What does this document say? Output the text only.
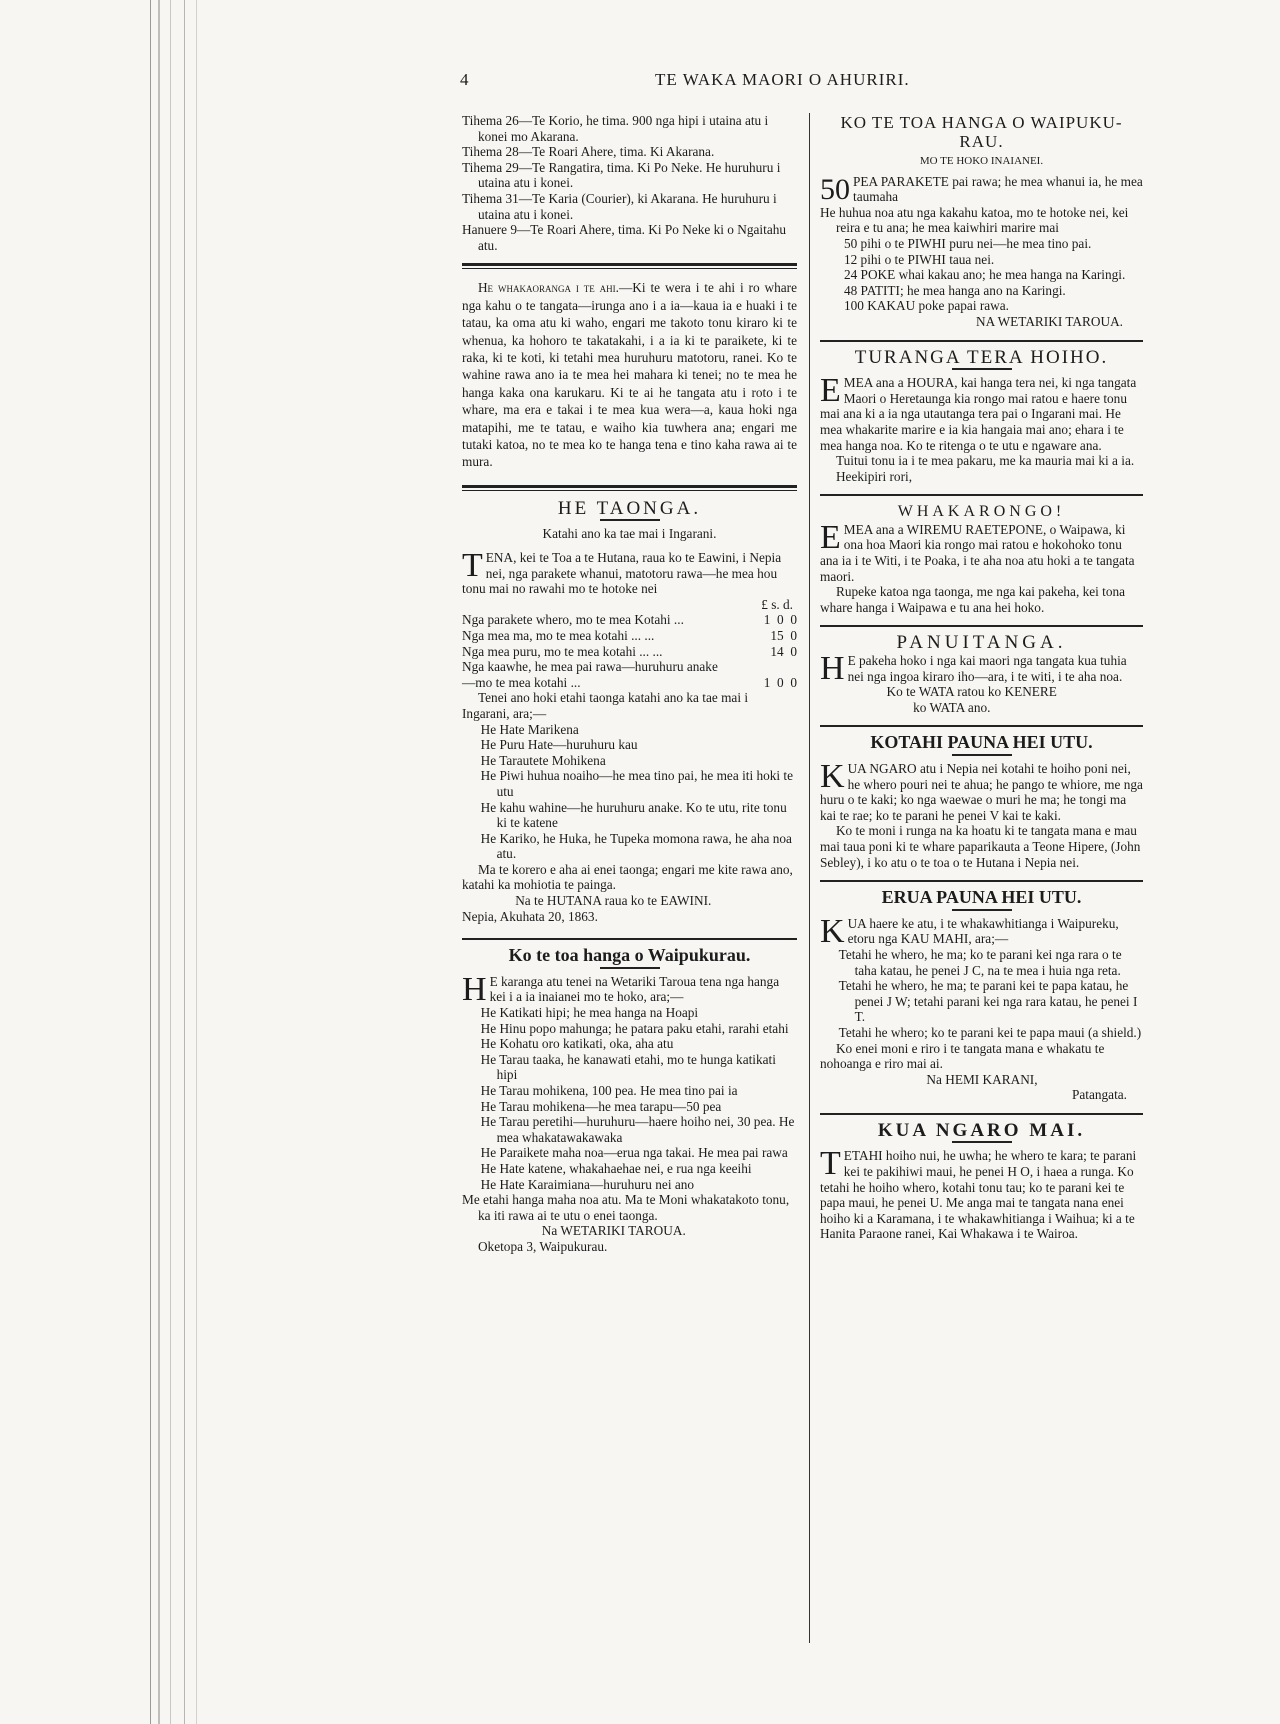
4	TE WAKA MAORI O AHURIRI.

Tihema 26—Te Korio, he tima. 900 nga hipi i utaina atu i konei mo Akarana.

Tihema 28—Te Roari Ahere, tima. Ki Akarana.

Tihema 29—Te Rangatira, tima. Ki Po Neke. He huruhuru i utaina atu i konei.

Tihema 31—Te Karia (Courier), ki Akarana. He huruhuru i utaina atu i konei.

Hanuere 9—Te Roari Ahere, tima. Ki Po Neke ki o Ngaitahu atu.

He whakaoranga i te ahi.—Ki te wera i te ahi i ro whare nga kahu o te tangata—irunga ano i a ia—kaua ia e huaki i te tatau, ka oma atu ki waho, engari me takoto tonu kiraro ki te whenua, ka hohoro te takatakahi, i a ia ki te paraikete, ki te raka, ki te koti, ki tetahi mea huruhuru matotoru, ranei. Ko te wahine rawa ano ia te mea hei mahara ki tenei; no te mea he hanga kaka ona karukaru. Ki te ai he tangata atu i roto i te whare, ma era e takai i te mea kua wera—a, kaua hoki nga matapihi, me te tatau, e waiho kia tuwhera ana; engari me tutaki katoa, no te mea ko te hanga tena e tino kaha rawa ai te mura.

HE TAONGA.

Katahi ano ka tae mai i Ingarani.

T ENA, kei te Toa a te Hutana, raua ko te Eawini, i Nepia nei, nga parakete whanui, matotoru rawa—he mea hou tonu mai no rawahi mo te hotoke nei

£ s. d.

Nga parakete whero, mo te mea Kotahi ...	1  0  0
Nga mea ma, mo te mea kotahi ... ...	15  0
Nga mea puru, mo te mea kotahi ... ...	14  0
Nga kaawhe, he mea pai rawa—huruhuru anake—mo te mea kotahi ...	1  0  0

Tenei ano hoki etahi taonga katahi ano ka tae mai i Ingarani, ara;—

He Hate Marikena

He Puru Hate—huruhuru kau

He Tarautete Mohikena

He Piwi huhua noaiho—he mea tino pai, he mea iti hoki te utu

He kahu wahine—he huruhuru anake. Ko te utu, rite tonu ki te katene

He Kariko, he Huka, he Tupeka momona rawa, he aha noa atu.

Ma te korero e aha ai enei taonga; engari me kite rawa ano, katahi ka mohiotia te painga.

Na te HUTANA raua ko te EAWINI.

Nepia, Akuhata 20, 1863.

Ko te toa hanga o Waipukurau.

H E karanga atu tenei na Wetariki Taroua tena nga hanga kei i a ia inaianei mo te hoko, ara;—

He Katikati hipi; he mea hanga na Hoapi

He Hinu popo mahunga; he patara paku etahi, rarahi etahi

He Kohatu oro katikati, oka, aha atu

He Tarau taaka, he kanawati etahi, mo te hunga katikati hipi

He Tarau mohikena, 100 pea. He mea tino pai ia

He Tarau mohikena—he mea tarapu—50 pea

He Tarau peretihi—huruhuru—haere hoiho nei, 30 pea. He mea whakatawakawaka

He Paraikete maha noa—erua nga takai. He mea pai rawa

He Hate katene, whakahaehae nei, e rua nga keeihi

He Hate Karaimiana—huruhuru nei ano

Me etahi hanga maha noa atu. Ma te Moni whakatakoto tonu, ka iti rawa ai te utu o enei taonga.

Na WETARIKI TAROUA.

Oketopa 3, Waipukurau.

KO TE TOA HANGA O WAIPUKU-RAU.

MO TE HOKO INAIANEI.

50 PEA PARAKETE pai rawa; he mea whanui ia, he mea taumaha

He huhua noa atu nga kakahu katoa, mo te hotoke nei, kei reira e tu ana; he mea kaiwhiri marire mai

50 pihi o te PIWHI puru nei—he mea tino pai.

12 pihi o te PIWHI taua nei.

24 POKE whai kakau ano; he mea hanga na Karingi.

48 PATITI; he mea hanga ano na Karingi.

100 KAKAU poke papai rawa.

NA WETARIKI TAROUA.

TURANGA TERA HOIHO.

E MEA ana a HOURA, kai hanga tera nei, ki nga tangata Maori o Heretaunga kia rongo mai ratou e haere tonu mai ana ki a ia nga utautanga tera pai o Ingarani mai. He mea whakarite marire e ia kia hangaia mai ano; ehara i te mea hanga noa. Ko te ritenga o te utu e ngaware ana.

Tuitui tonu ia i te mea pakaru, me ka mauria mai ki a ia.

Heekipiri rori,

WHAKARONGO!

E MEA ana a WIREMU RAETEPONE, o Waipawa, ki ona hoa Maori kia rongo mai ratou e hokohoko tonu ana ia i te Witi, i te Poaka, i te aha noa atu hoki a te tangata maori.

Rupeke katoa nga taonga, me nga kai pakeha, kei tona whare hanga i Waipawa e tu ana hei hoko.

PANUITANGA.

H E pakeha hoko i nga kai maori nga tangata kua tuhia nei nga ingoa kiraro iho—ara, i te witi, i te aha noa.

Ko te WATA ratou ko KENERE

ko WATA ano.

KOTAHI PAUNA HEI UTU.

K UA NGARO atu i Nepia nei kotahi te hoiho poni nei, he whero pouri nei te ahua; he pango te whiore, me nga huru o te kaki; ko nga waewae o muri he ma; he tongi ma kai te rae; ko te parani he penei V kai te kaki.

Ko te moni i runga na ka hoatu ki te tangata mana e mau mai taua poni ki te whare paparikauta a Teone Hipere, (John Sebley), i ko atu o te toa o te Hutana i Nepia nei.

ERUA PAUNA HEI UTU.

K UA haere ke atu, i te whakawhitianga i Waipureku, etoru nga KAU MAHI, ara;—

Tetahi he whero, he ma; ko te parani kei nga rara o te taha katau, he penei J C, na te mea i huia nga reta.

Tetahi he whero, he ma; te parani kei te papa katau, he penei J W; tetahi parani kei nga rara katau, he penei I T.

Tetahi he whero; ko te parani kei te papa maui (a shield.)

Ko enei moni e riro i te tangata mana e whakatu te nohoanga e riro mai ai.

Na HEMI KARANI,

Patangata.

KUA NGARO MAI.

T ETAHI hoiho nui, he uwha; he whero te kara; te parani kei te pakihiwi maui, he penei H O, i haea a runga. Ko tetahi he hoiho whero, kotahi tonu tau; ko te parani kei te papa maui, he penei U. Me anga mai te tangata nana enei hoiho ki a Karamana, i te whakawhitianga i Waihua; ki a te Hanita Paraone ranei, Kai Whakawa i te Wairoa.
